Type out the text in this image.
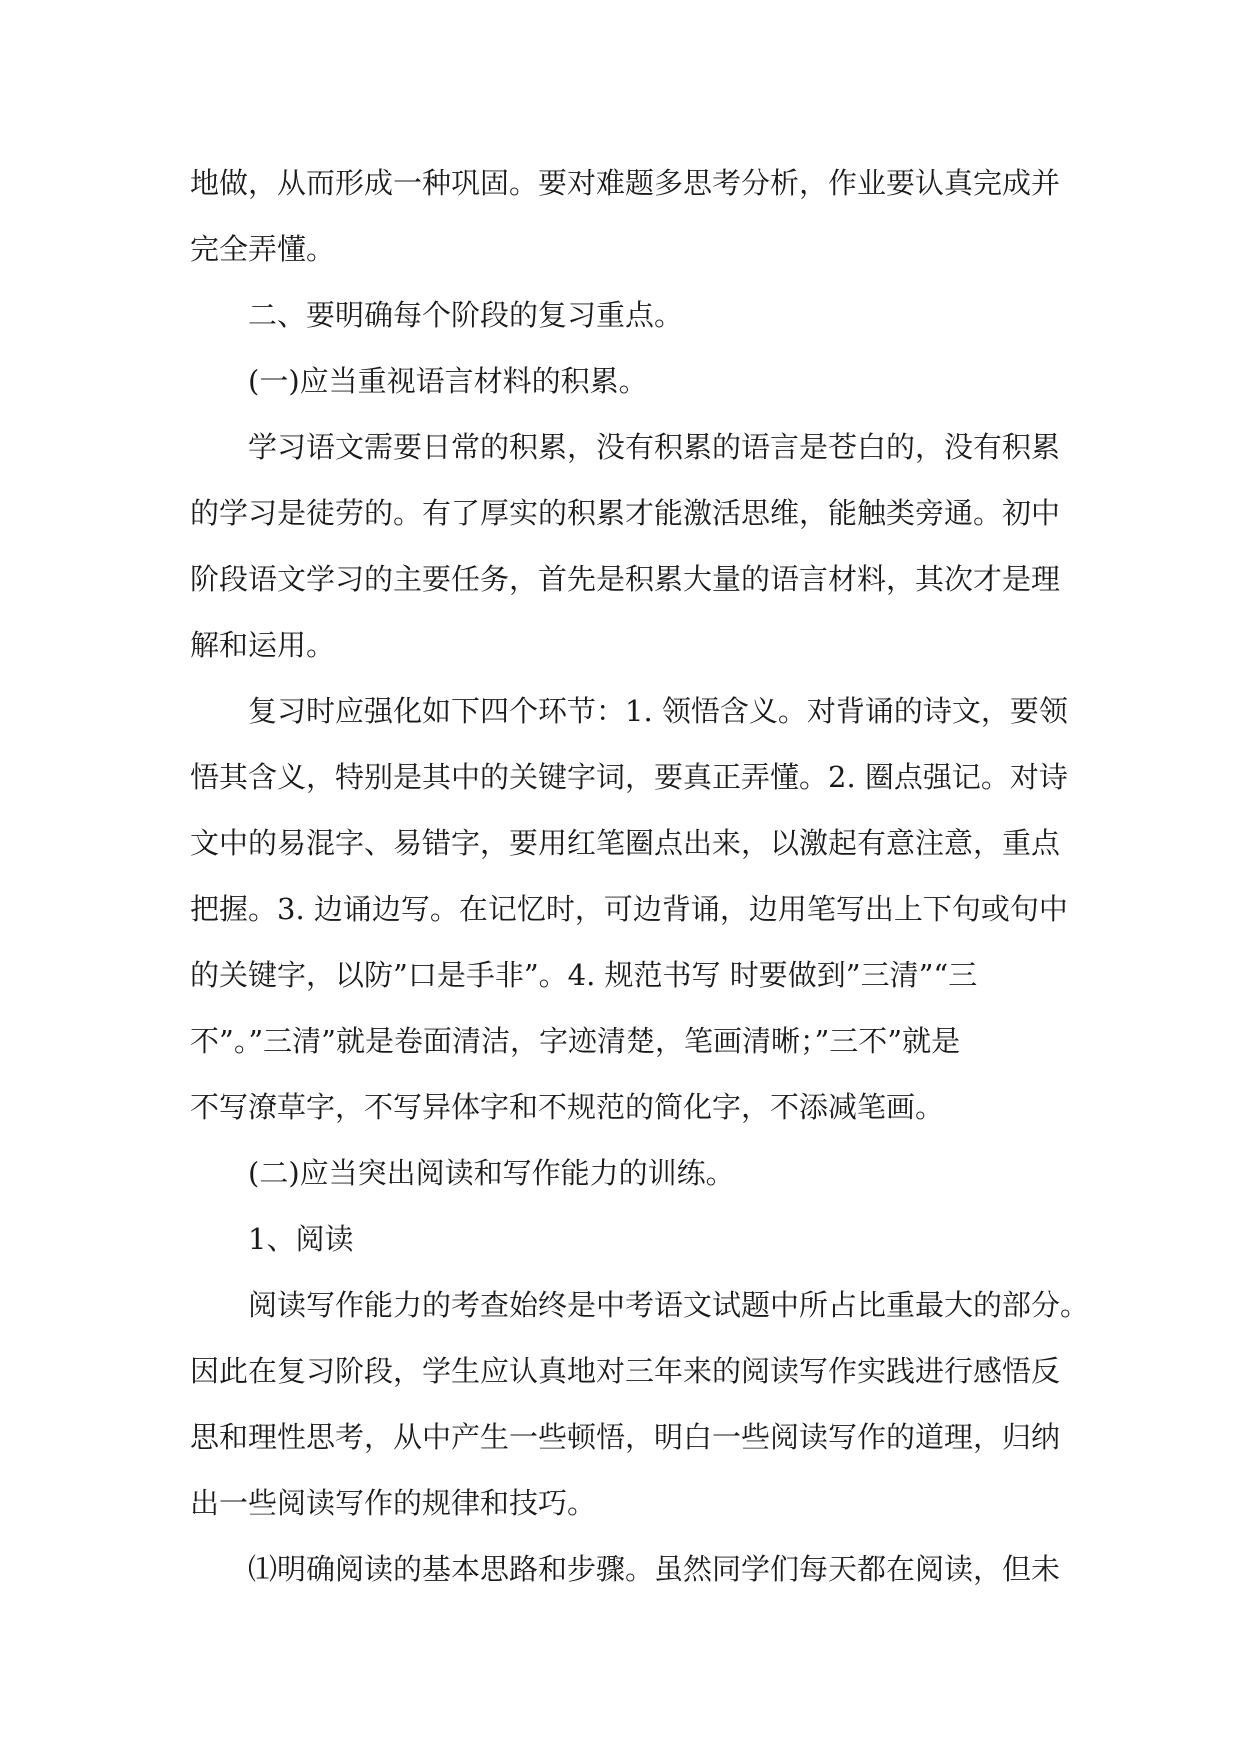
地做，从而形成一种巩固。要对难题多思考分析，作业要认真完成并
完全弄懂。
　　二、要明确每个阶段的复习重点。
　　(一)应当重视语言材料的积累。
　　学习语文需要日常的积累，没有积累的语言是苍白的，没有积累
的学习是徒劳的。有了厚实的积累才能激活思维，能触类旁通。初中
阶段语文学习的主要任务，首先是积累大量的语言材料，其次才是理
解和运用。
　　复习时应强化如下四个环节：1. 领悟含义。对背诵的诗文，要领
悟其含义，特别是其中的关键字词，要真正弄懂。2. 圈点强记。对诗
文中的易混字、易错字，要用红笔圈点出来，以激起有意注意，重点
把握。3. 边诵边写。在记忆时，可边背诵，边用笔写出上下句或句中
的关键字，以防”口是手非”。4. 规范书写 时要做到”三清”“三
不”。”三清”就是卷面清洁，字迹清楚，笔画清晰；”三不”就是
不写潦草字，不写异体字和不规范的简化字，不添减笔画。
　　(二)应当突出阅读和写作能力的训练。
　　1、阅读
　　阅读写作能力的考查始终是中考语文试题中所占比重最大的部分。
因此在复习阶段，学生应认真地对三年来的阅读写作实践进行感悟反
思和理性思考，从中产生一些顿悟，明白一些阅读写作的道理，归纳
出一些阅读写作的规律和技巧。
　　⑴明确阅读的基本思路和步骤。虽然同学们每天都在阅读，但未
